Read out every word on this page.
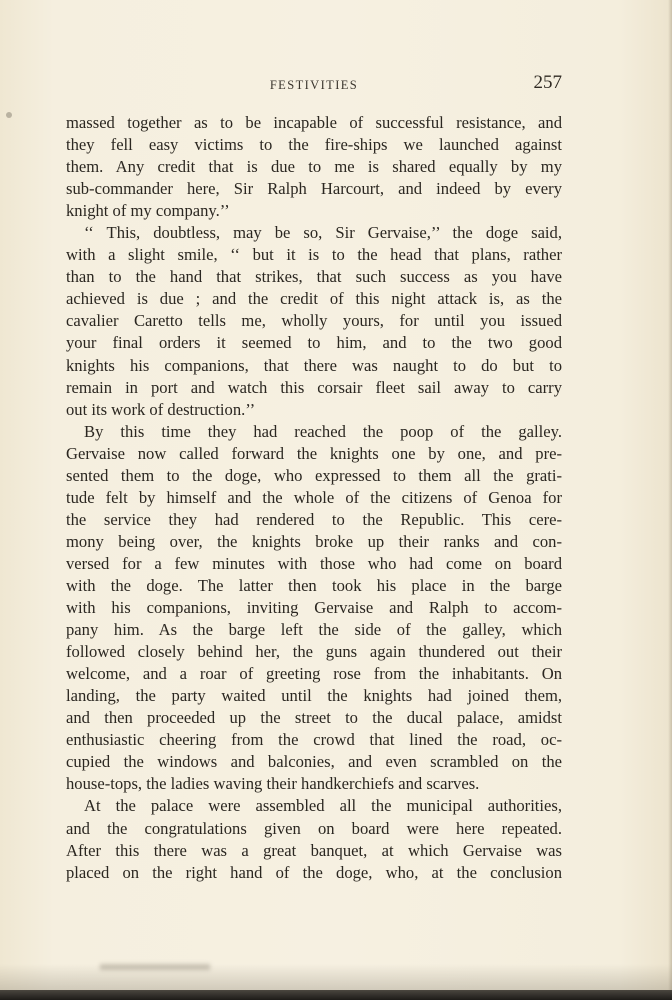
FESTIVITIES	257
massed together as to be incapable of successful resistance, and
they fell easy victims to the fire-ships we launched against
them. Any credit that is due to me is shared equally by my
sub-commander here, Sir Ralph Harcourt, and indeed by every
knight of my company.’’
‘‘ This, doubtless, may be so, Sir Gervaise,’’ the doge said,
with a slight smile, ‘‘ but it is to the head that plans, rather
than to the hand that strikes, that such success as you have
achieved is due ; and the credit of this night attack is, as the
cavalier Caretto tells me, wholly yours, for until you issued
your final orders it seemed to him, and to the two good
knights his companions, that there was naught to do but to
remain in port and watch this corsair fleet sail away to carry
out its work of destruction.’’
By this time they had reached the poop of the galley.
Gervaise now called forward the knights one by one, and pre-
sented them to the doge, who expressed to them all the grati-
tude felt by himself and the whole of the citizens of Genoa for
the service they had rendered to the Republic. This cere-
mony being over, the knights broke up their ranks and con-
versed for a few minutes with those who had come on board
with the doge. The latter then took his place in the barge
with his companions, inviting Gervaise and Ralph to accom-
pany him. As the barge left the side of the galley, which
followed closely behind her, the guns again thundered out their
welcome, and a roar of greeting rose from the inhabitants. On
landing, the party waited until the knights had joined them,
and then proceeded up the street to the ducal palace, amidst
enthusiastic cheering from the crowd that lined the road, oc-
cupied the windows and balconies, and even scrambled on the
house-tops, the ladies waving their handkerchiefs and scarves.
At the palace were assembled all the municipal authorities,
and the congratulations given on board were here repeated.
After this there was a great banquet, at which Gervaise was
placed on the right hand of the doge, who, at the conclusion
